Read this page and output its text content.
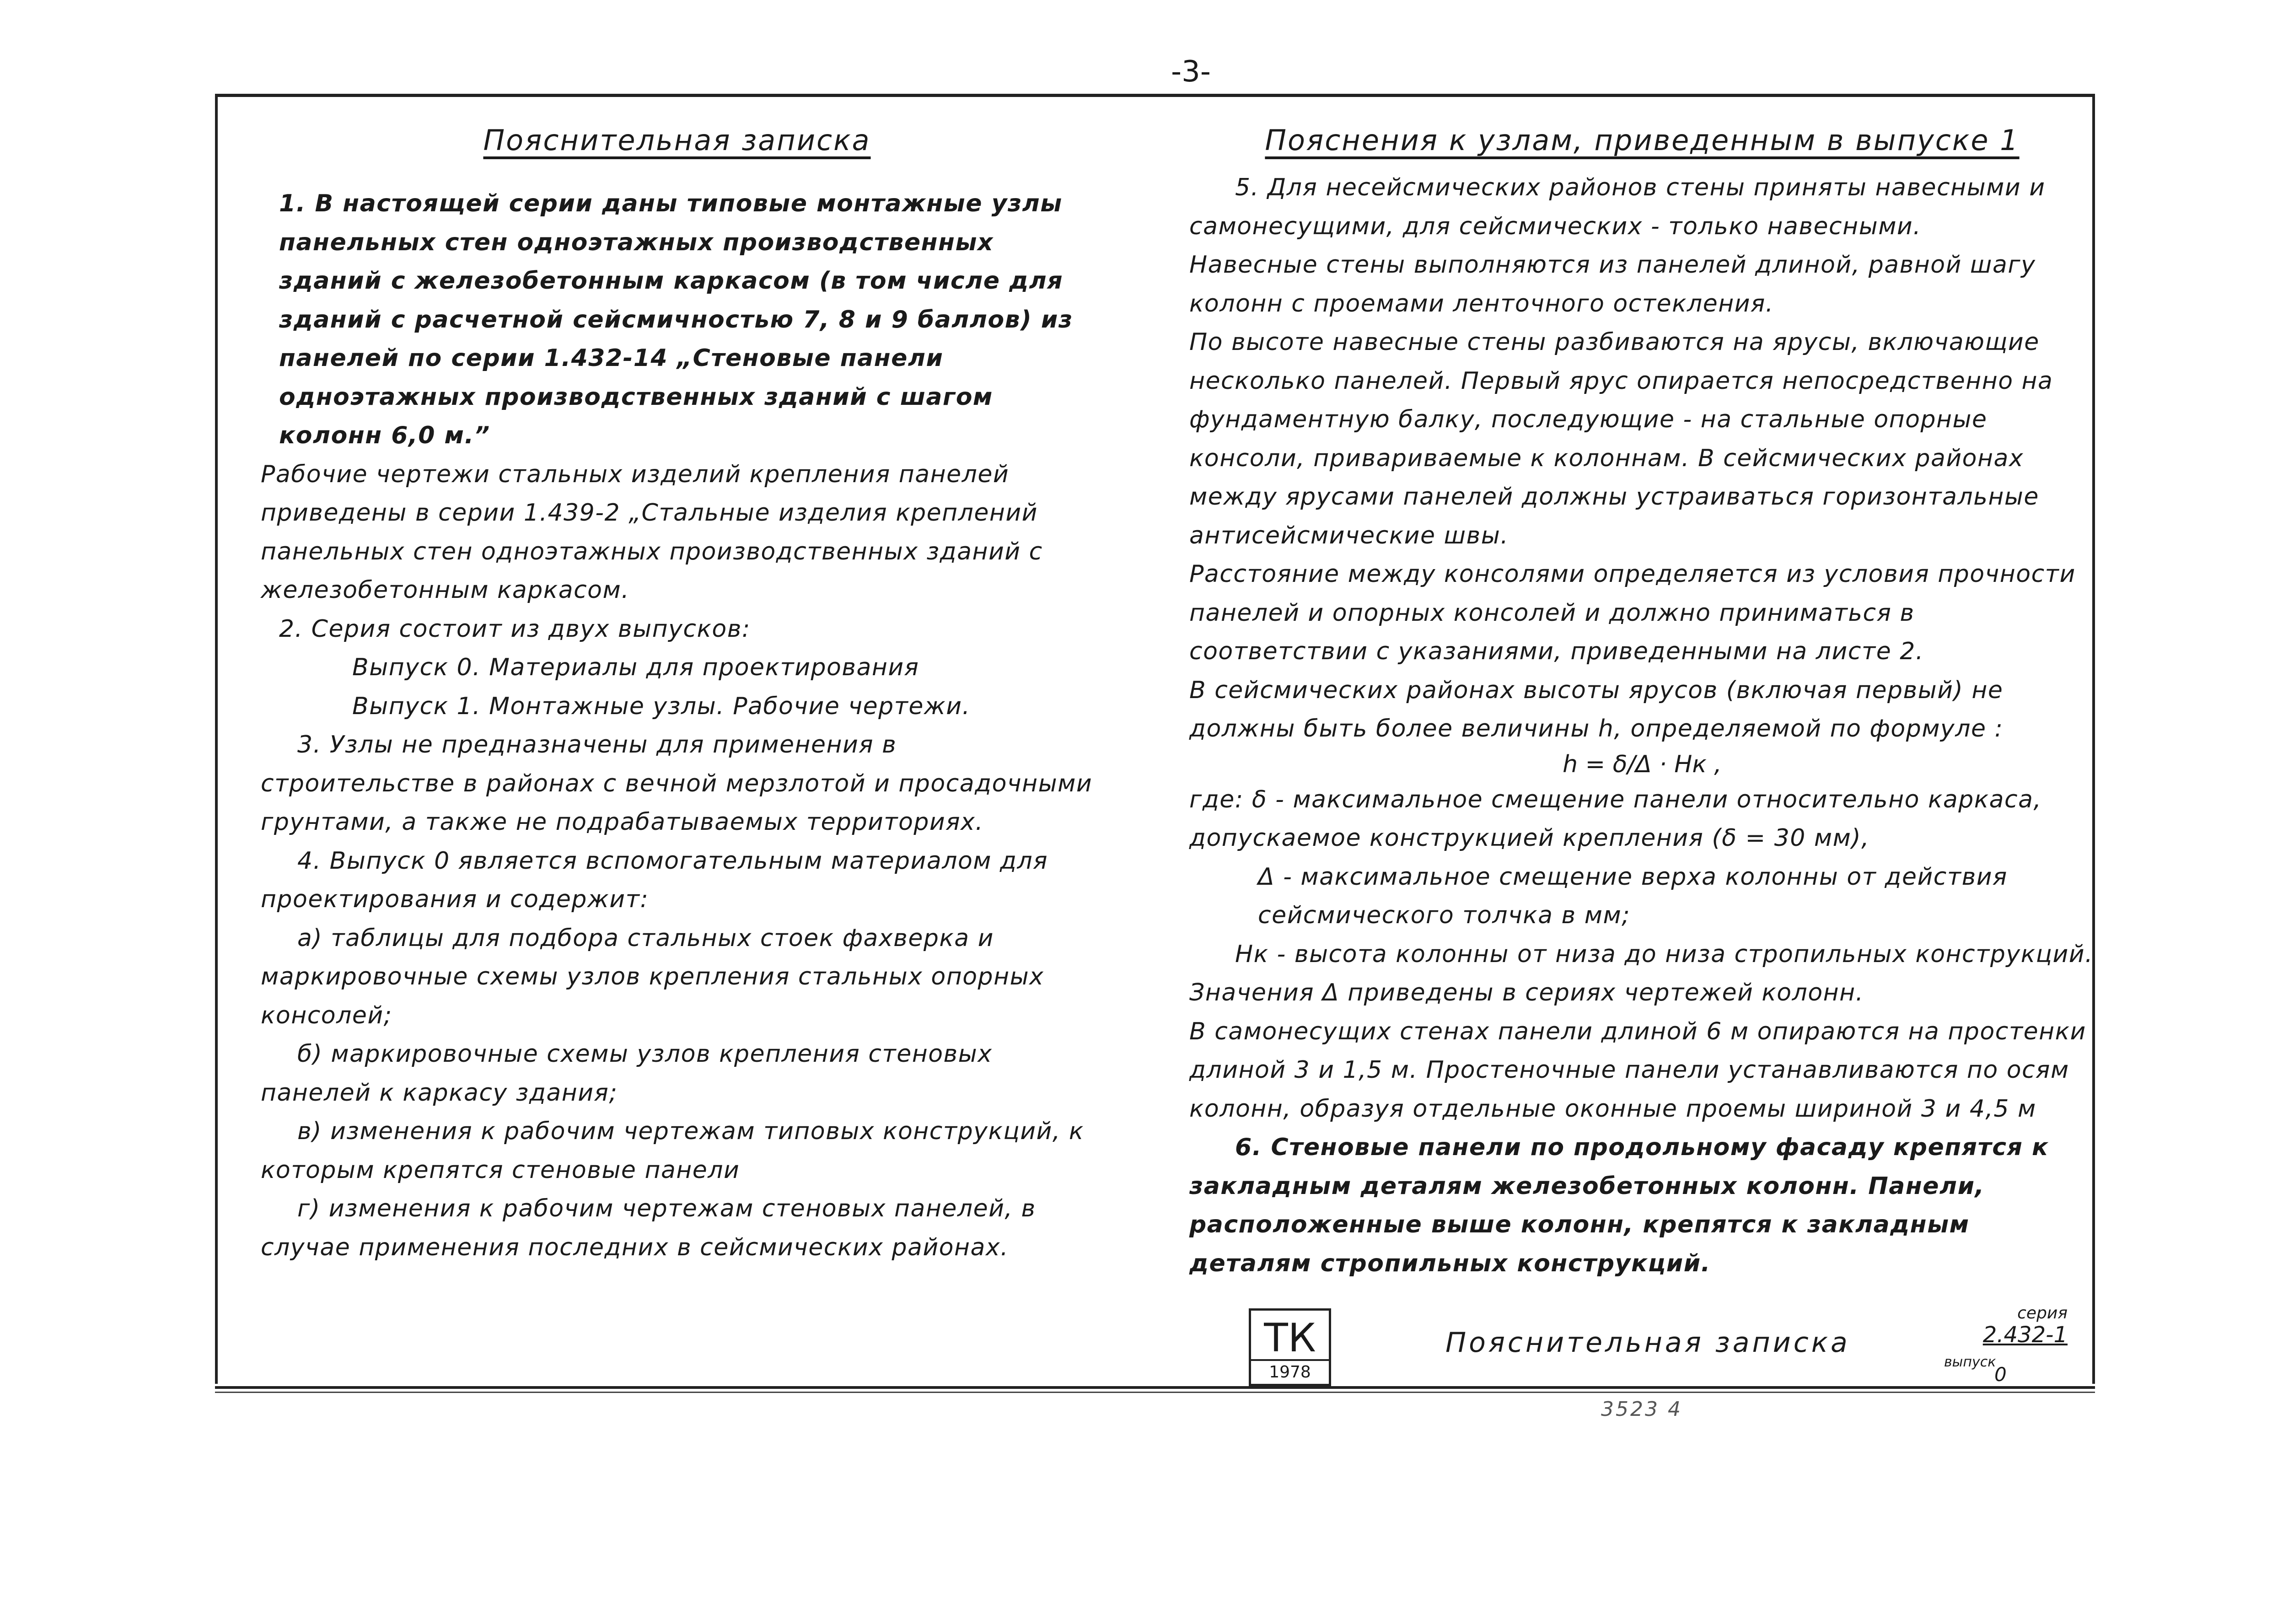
-3-
Пояснительная записка

1. В настоящей серии даны типовые монтажные узлы панельных стен одноэтажных производственных зданий с железобетонным каркасом (в том числе для зданий с расчетной сейсмичностью 7, 8 и 9 баллов) из панелей по серии 1.432-14 „Стеновые панели одноэтажных производственных зданий с шагом колонн 6,0 м.”

Рабочие чертежи стальных изделий крепления панелей приведены в серии 1.439-2 „Стальные изделия креплений панельных стен одноэтажных производственных зданий с железобетонным каркасом.

2. Серия состоит из двух выпусков:

Выпуск 0. Материалы для проектирования

Выпуск 1. Монтажные узлы. Рабочие чертежи.

3. Узлы не предназначены для применения в строительстве в районах с вечной мерзлотой и просадочными грунтами, а также не подрабатываемых территориях.

4. Выпуск 0 является вспомогательным материалом для проектирования и содержит:

а) таблицы для подбора стальных стоек фахверка и маркировочные схемы узлов крепления стальных опорных консолей;

б) маркировочные схемы узлов крепления стеновых панелей к каркасу здания;

в) изменения к рабочим чертежам типовых конструкций, к которым крепятся стеновые панели

г) изменения к рабочим чертежам стеновых панелей, в случае применения последних в сейсмических районах.

Пояснения к узлам, приведенным в выпуске 1

5. Для несейсмических районов стены приняты навесными и самонесущими, для сейсмических - только навесными.

Навесные стены выполняются из панелей длиной, равной шагу колонн с проемами ленточного остекления.

По высоте навесные стены разбиваются на ярусы, включающие несколько панелей. Первый ярус опирается непосредственно на фундаментную балку, последующие - на стальные опорные консоли, привариваемые к колоннам. В сейсмических районах между ярусами панелей должны устраиваться горизонтальные антисейсмические швы.

Расстояние между консолями определяется из условия прочности панелей и опорных консолей и должно приниматься в соответствии с указаниями, приведенными на листе 2.

В сейсмических районах высоты ярусов (включая первый) не должны быть более величины h, определяемой по формуле :

h = δ/Δ · Hк ,

где: δ - максимальное смещение панели относительно каркаса, допускаемое конструкцией крепления (δ = 30 мм),

Δ - максимальное смещение верха колонны от действия сейсмического толчка в мм;

Hк - высота колонны от низа до низа стропильных конструкций.

Значения Δ приведены в сериях чертежей колонн.

В самонесущих стенах панели длиной 6 м опираются на простенки длиной 3 и 1,5 м. Простеночные панели устанавливаются по осям колонн, образуя отдельные оконные проемы шириной 3 и 4,5 м

6. Стеновые панели по продольному фасаду крепятся к закладным деталям железобетонных колонн. Панели, расположенные выше колонн, крепятся к закладным деталям стропильных конструкций.

ТК
1978
Пояснительная записка
серия
2.432-1
выпуск
0
3523 4
